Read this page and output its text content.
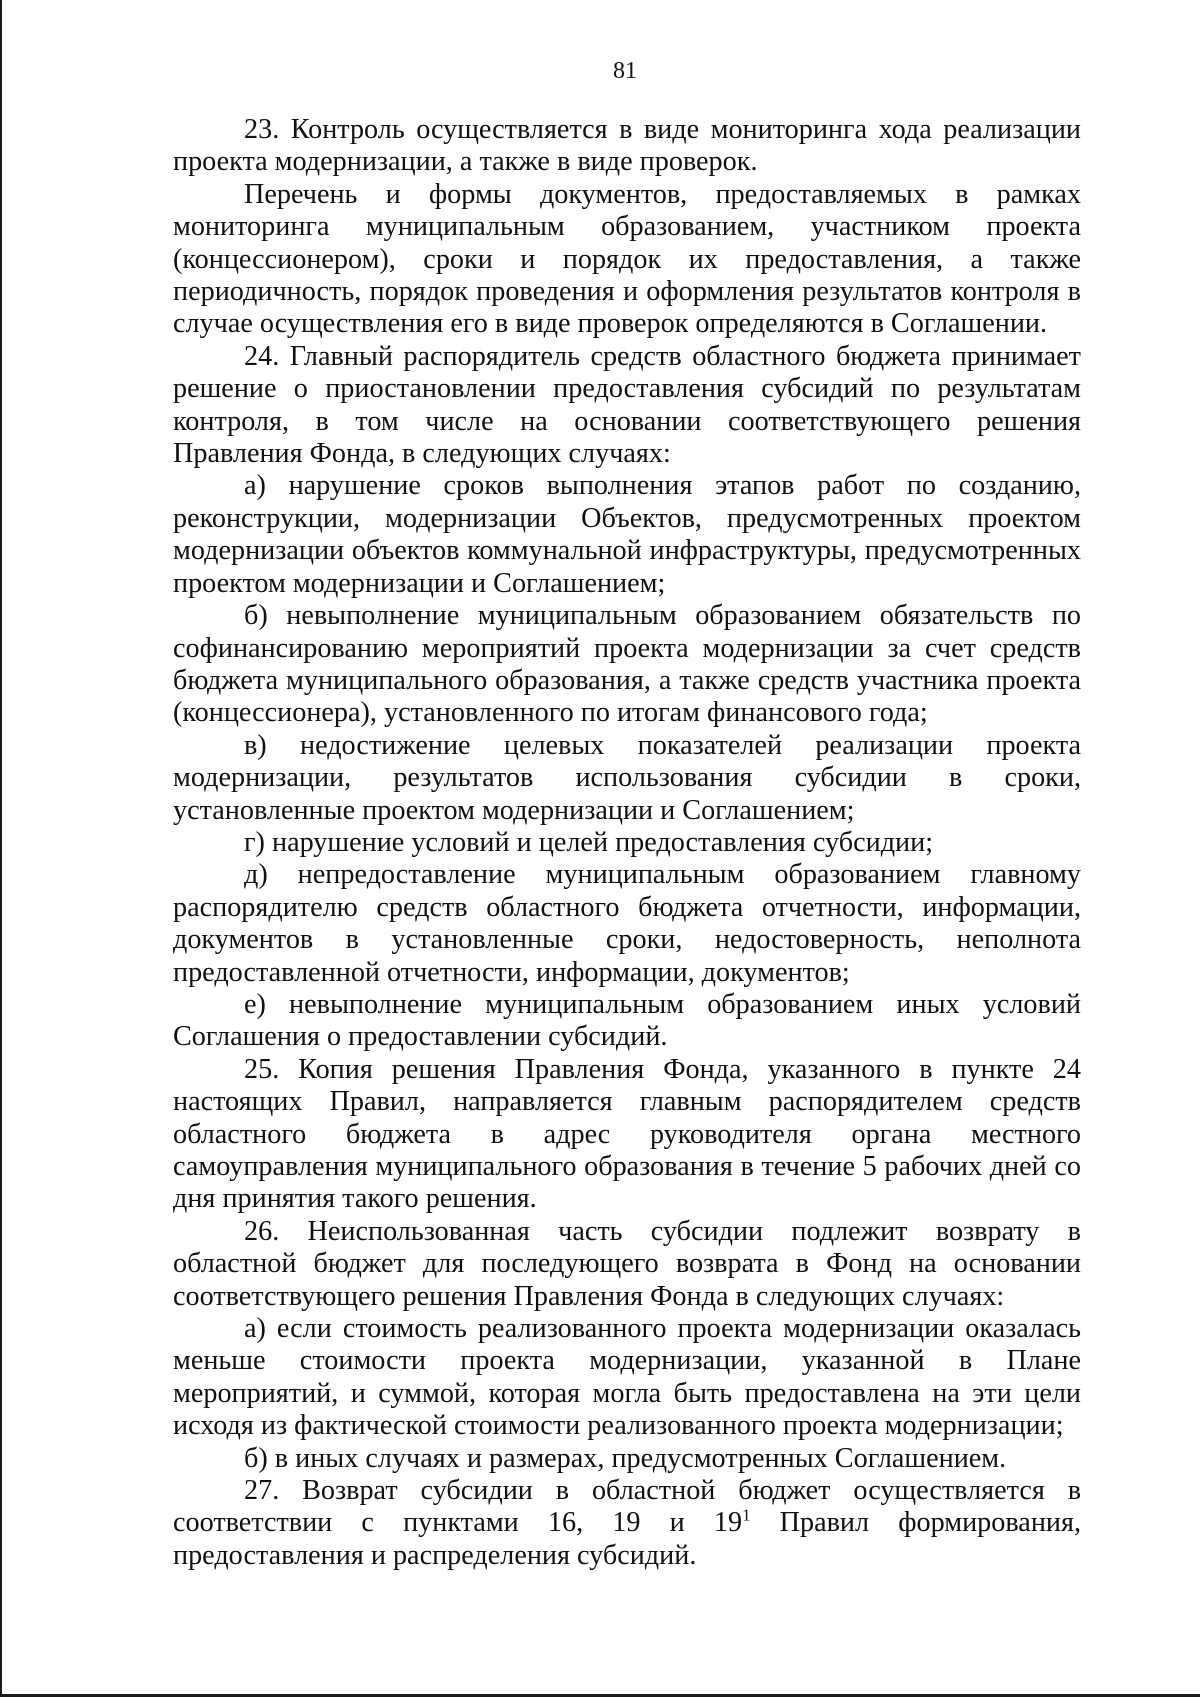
81

23. Контроль осуществляется в виде мониторинга хода реализации проекта модернизации, а также в виде проверок.

Перечень и формы документов, предоставляемых в рамках мониторинга муниципальным образованием, участником проекта (концессионером), сроки и порядок их предоставления, а также периодичность, порядок проведения и оформления результатов контроля в случае осуществления его в виде проверок определяются в Соглашении.

24. Главный распорядитель средств областного бюджета принимает решение о приостановлении предоставления субсидий по результатам контроля, в том числе на основании соответствующего решения Правления Фонда, в следующих случаях:

а) нарушение сроков выполнения этапов работ по созданию, реконструкции, модернизации Объектов, предусмотренных проектом модернизации объектов коммунальной инфраструктуры, предусмотренных проектом модернизации и Соглашением;

б) невыполнение муниципальным образованием обязательств по софинансированию мероприятий проекта модернизации за счет средств бюджета муниципального образования, а также средств участника проекта (концессионера), установленного по итогам финансового года;

в) недостижение целевых показателей реализации проекта модернизации, результатов использования субсидии в сроки, установленные проектом модернизации и Соглашением;

г) нарушение условий и целей предоставления субсидии;

д) непредоставление муниципальным образованием главному распорядителю средств областного бюджета отчетности, информации, документов в установленные сроки, недостоверность, неполнота предоставленной отчетности, информации, документов;

е) невыполнение муниципальным образованием иных условий Соглашения о предоставлении субсидий.

25. Копия решения Правления Фонда, указанного в пункте 24 настоящих Правил, направляется главным распорядителем средств областного бюджета в адрес руководителя органа местного самоуправления муниципального образования в течение 5 рабочих дней со дня принятия такого решения.

26. Неиспользованная часть субсидии подлежит возврату в областной бюджет для последующего возврата в Фонд на основании соответствующего решения Правления Фонда в следующих случаях:

а) если стоимость реализованного проекта модернизации оказалась меньше стоимости проекта модернизации, указанной в Плане мероприятий, и суммой, которая могла быть предоставлена на эти цели исходя из фактической стоимости реализованного проекта модернизации;

б) в иных случаях и размерах, предусмотренных Соглашением.

27. Возврат субсидии в областной бюджет осуществляется в соответствии с пунктами 16, 19 и $19^1$ Правил формирования, предоставления и распределения субсидий.
